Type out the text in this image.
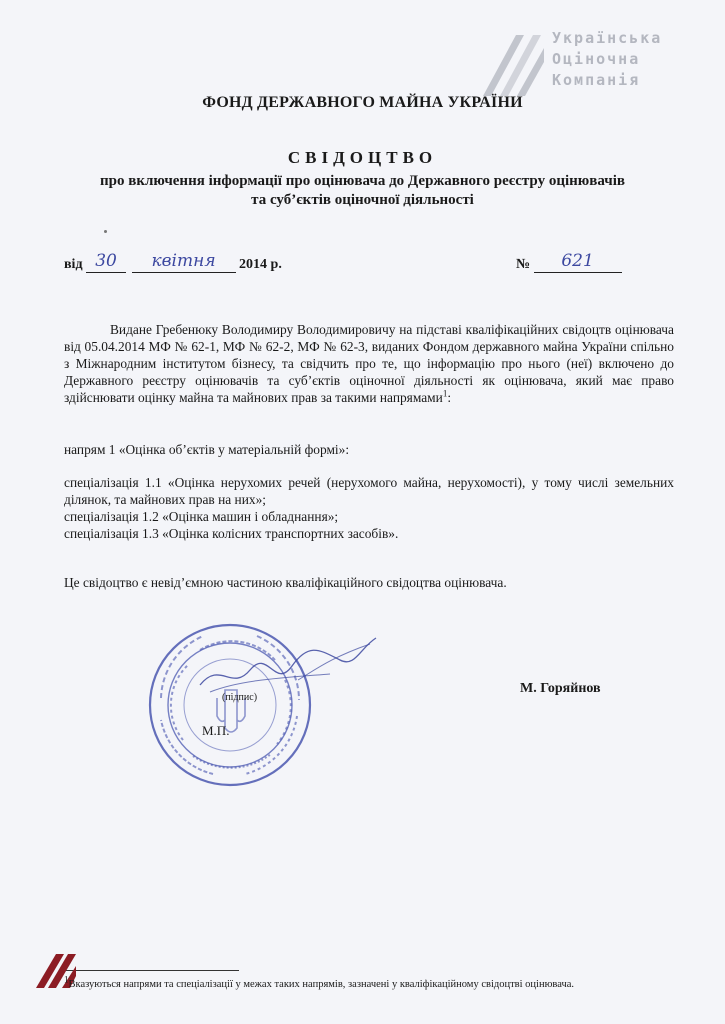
Українська
Оціночна
Компанія
ФОНД ДЕРЖАВНОГО МАЙНА УКРАЇНИ
СВІДОЦТВО
про включення інформації про оцінювача до Державного реєстру оцінювачів
та суб’єктів оціночної діяльності
від 30
	квітня	2014 р.	№	621
Видане Гребенюку Володимиру Володимировичу на підставі кваліфікаційних свідоцтв оцінювача від 05.04.2014 МФ № 62-1, МФ № 62-2, МФ № 62-3, виданих Фондом державного майна України спільно з Міжнародним інститутом бізнесу, та свідчить про те, що інформацію про нього (неї) включено до Державного реєстру оцінювачів та суб’єктів оціночної діяльності як оцінювача, який має право здійснювати оцінку майна та майнових прав за такими напрямами$^1$:
напрям 1 «Оцінка об’єктів у матеріальній формі»:
спеціалізація 1.1 «Оцінка нерухомих речей (нерухомого майна, нерухомості), у тому числі земельних ділянок, та майнових прав на них»;
спеціалізація 1.2 «Оцінка машин і обладнання»;
спеціалізація 1.3 «Оцінка колісних транспортних засобів».
Це свідоцтво є невід’ємною частиною кваліфікаційного свідоцтва оцінювача.
(підпис)
М.П.
М. Горяйнов
$^1$Вказуються напрями та спеціалізації у межах таких напрямів, зазначені у кваліфікаційному свідоцтві оцінювача.
